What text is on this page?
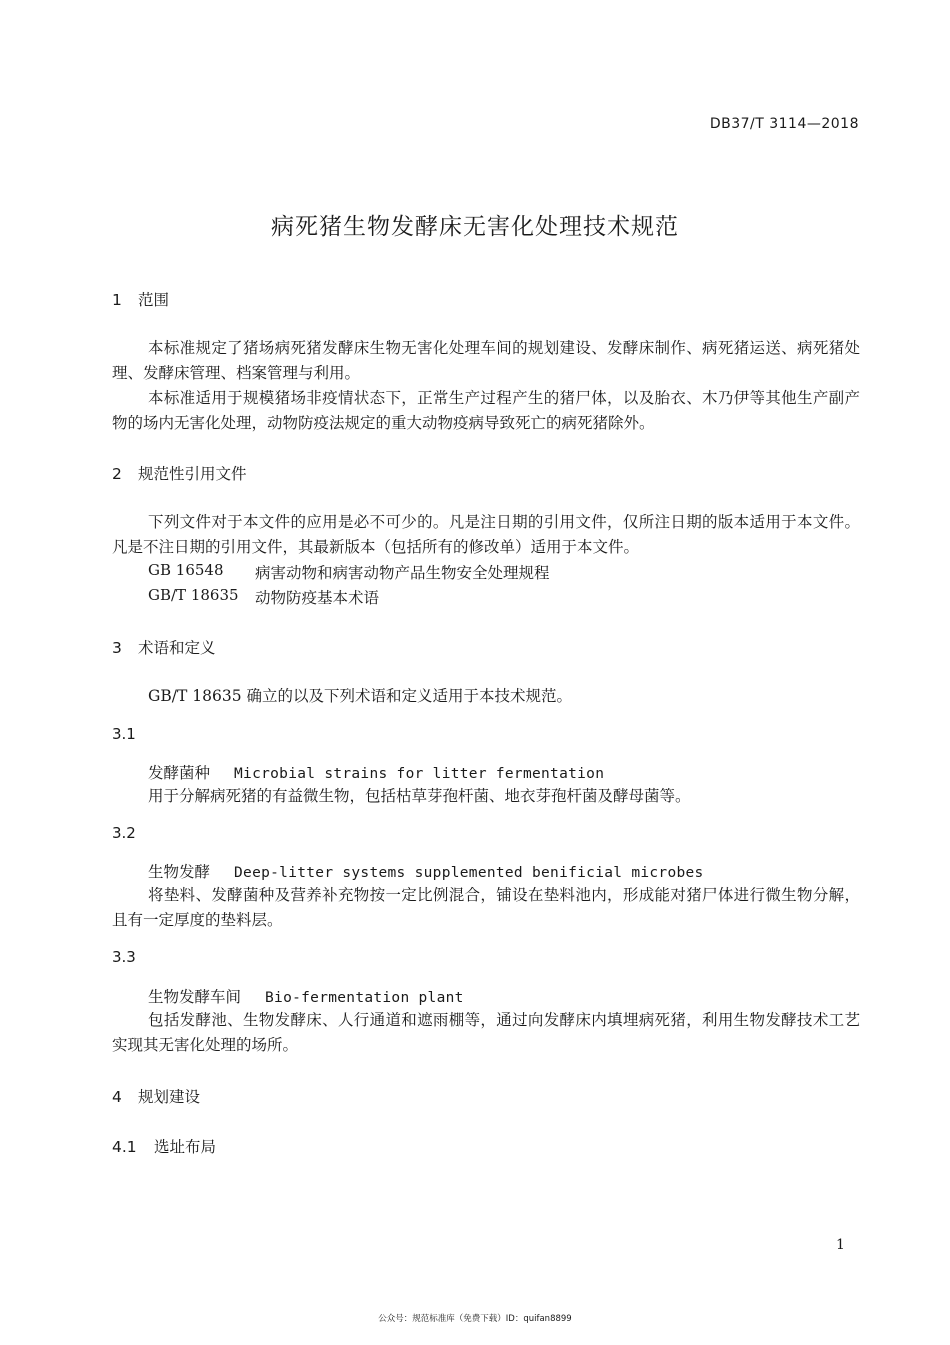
DB37/T 3114—2018
病死猪生物发酵床无害化处理技术规范
1 范围
本标准规定了猪场病死猪发酵床生物无害化处理车间的规划建设、发酵床制作、病死猪运送、病死猪处理、发酵床管理、档案管理与利用。
本标准适用于规模猪场非疫情状态下，正常生产过程产生的猪尸体，以及胎衣、木乃伊等其他生产副产物的场内无害化处理，动物防疫法规定的重大动物疫病导致死亡的病死猪除外。
2 规范性引用文件
下列文件对于本文件的应用是必不可少的。凡是注日期的引用文件，仅所注日期的版本适用于本文件。凡是不注日期的引用文件，其最新版本（包括所有的修改单）适用于本文件。
GB 16548 病害动物和病害动物产品生物安全处理规程
GB/T 18635 动物防疫基本术语
3 术语和定义
GB/T 18635 确立的以及下列术语和定义适用于本技术规范。
3.1
发酵菌种 Microbial strains for litter fermentation
用于分解病死猪的有益微生物，包括枯草芽孢杆菌、地衣芽孢杆菌及酵母菌等。
3.2
生物发酵 Deep-litter systems supplemented benificial microbes
将垫料、发酵菌种及营养补充物按一定比例混合，铺设在垫料池内，形成能对猪尸体进行微生物分解，且有一定厚度的垫料层。
3.3
生物发酵车间 Bio-fermentation plant
包括发酵池、生物发酵床、人行通道和遮雨棚等，通过向发酵床内填埋病死猪，利用生物发酵技术工艺实现其无害化处理的场所。
4 规划建设
4.1 选址布局
1
公众号：规范标准库（免费下载）ID：quifan8899
